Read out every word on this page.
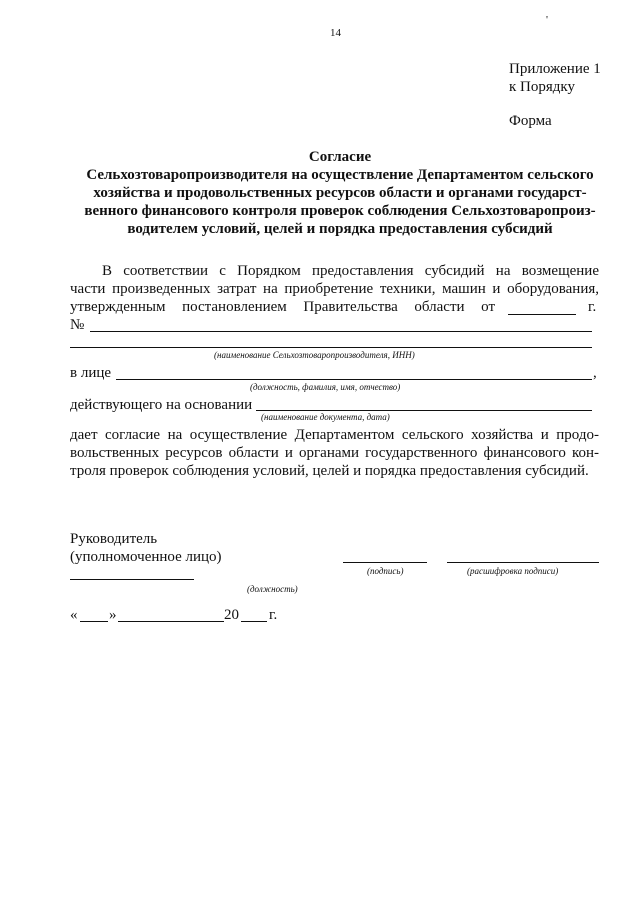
14
'
Приложение 1
к Порядку
Форма
Согласие
Сельхозтоваропроизводителя на осуществление Департаментом сельского
хозяйства и продовольственных ресурсов области и органами государст-
венного финансового контроля проверок соблюдения Сельхозтоваропроиз-
водителем условий, целей и порядка предоставления субсидий
В соответствии с Порядком предоставления субсидий на возмещение
части произведенных затрат на приобретение техники, машин и оборудования,
утвержденным постановлением Правительства области от	г.
№
(наименование Сельхозтоваропроизводителя, ИНН)
в лице	,
(должность, фамилия, имя, отчество)
действующего на основании
(наименование документа, дата)
дает согласие на осуществление Департаментом сельского хозяйства и продо-
вольственных ресурсов области и органами государственного финансового кон-
троля проверок соблюдения условий, целей и порядка предоставления субсидий.
Руководитель
(уполномоченное лицо)
(подпись)	(расшифровка подписи)
(должность)
« »	20 г.
